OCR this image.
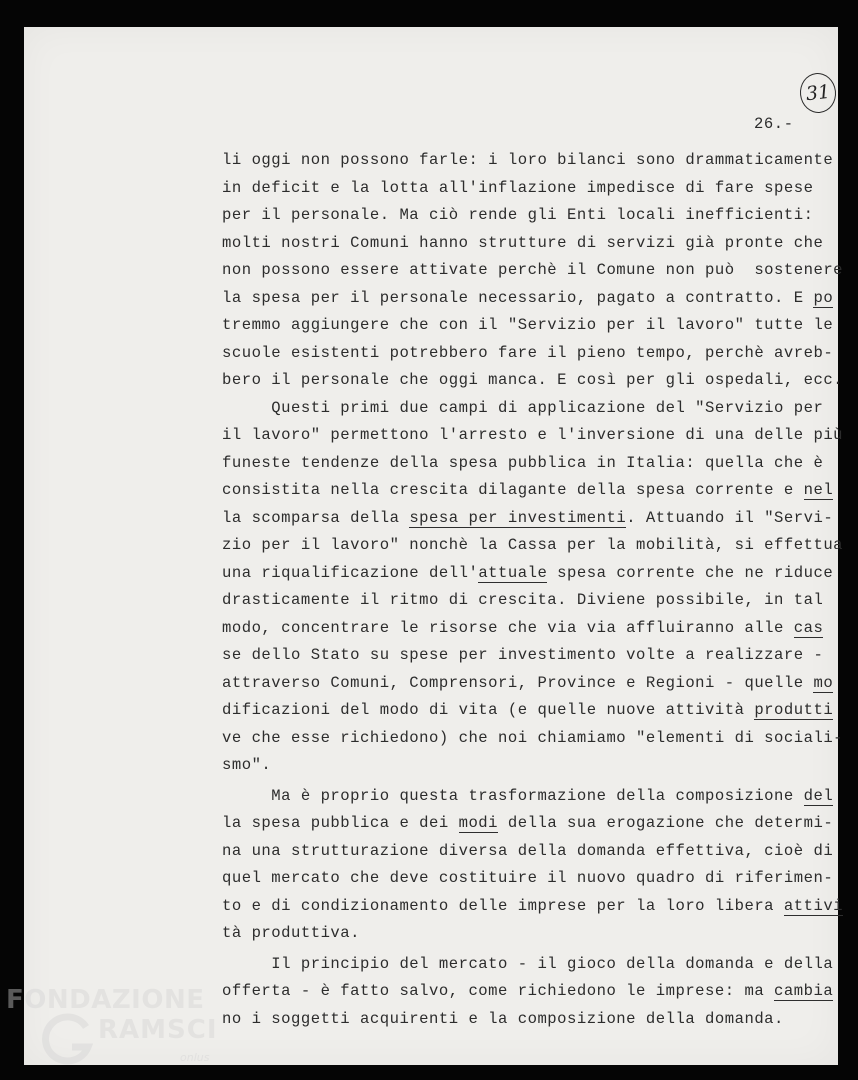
31
26.-
li oggi non possono farle: i loro bilanci sono drammaticamente
in deficit e la lotta all'inflazione impedisce di fare spese
per il personale. Ma ciò rende gli Enti locali inefficienti:
molti nostri Comuni hanno strutture di servizi già pronte che
non possono essere attivate perchè il Comune non può  sostenere
la spesa per il personale necessario, pagato a contratto. E po
tremmo aggiungere che con il "Servizio per il lavoro" tutte le
scuole esistenti potrebbero fare il pieno tempo, perchè avreb-
bero il personale che oggi manca. E così per gli ospedali, ecc.
Questi primi due campi di applicazione del "Servizio per
il lavoro" permettono l'arresto e l'inversione di una delle più
funeste tendenze della spesa pubblica in Italia: quella che è
consistita nella crescita dilagante della spesa corrente e nel
la scomparsa della spesa per investimenti. Attuando il "Servi-
zio per il lavoro" nonchè la Cassa per la mobilità, si effettua
una riqualificazione dell'attuale spesa corrente che ne riduce
drasticamente il ritmo di crescita. Diviene possibile, in tal
modo, concentrare le risorse che via via affluiranno alle cas
se dello Stato su spese per investimento volte a realizzare -
attraverso Comuni, Comprensori, Province e Regioni - quelle mo
dificazioni del modo di vita (e quelle nuove attività produtti
ve che esse richiedono) che noi chiamiamo "elementi di sociali-
smo".
Ma è proprio questa trasformazione della composizione del
la spesa pubblica e dei modi della sua erogazione che determi-
na una strutturazione diversa della domanda effettiva, cioè di
quel mercato che deve costituire il nuovo quadro di riferimen-
to e di condizionamento delle imprese per la loro libera attivi
tà produttiva.
Il principio del mercato - il gioco della domanda e della
offerta - è fatto salvo, come richiedono le imprese: ma cambia
no i soggetti acquirenti e la composizione della domanda.
FONDAZIONE
RAMSCI
onlus
